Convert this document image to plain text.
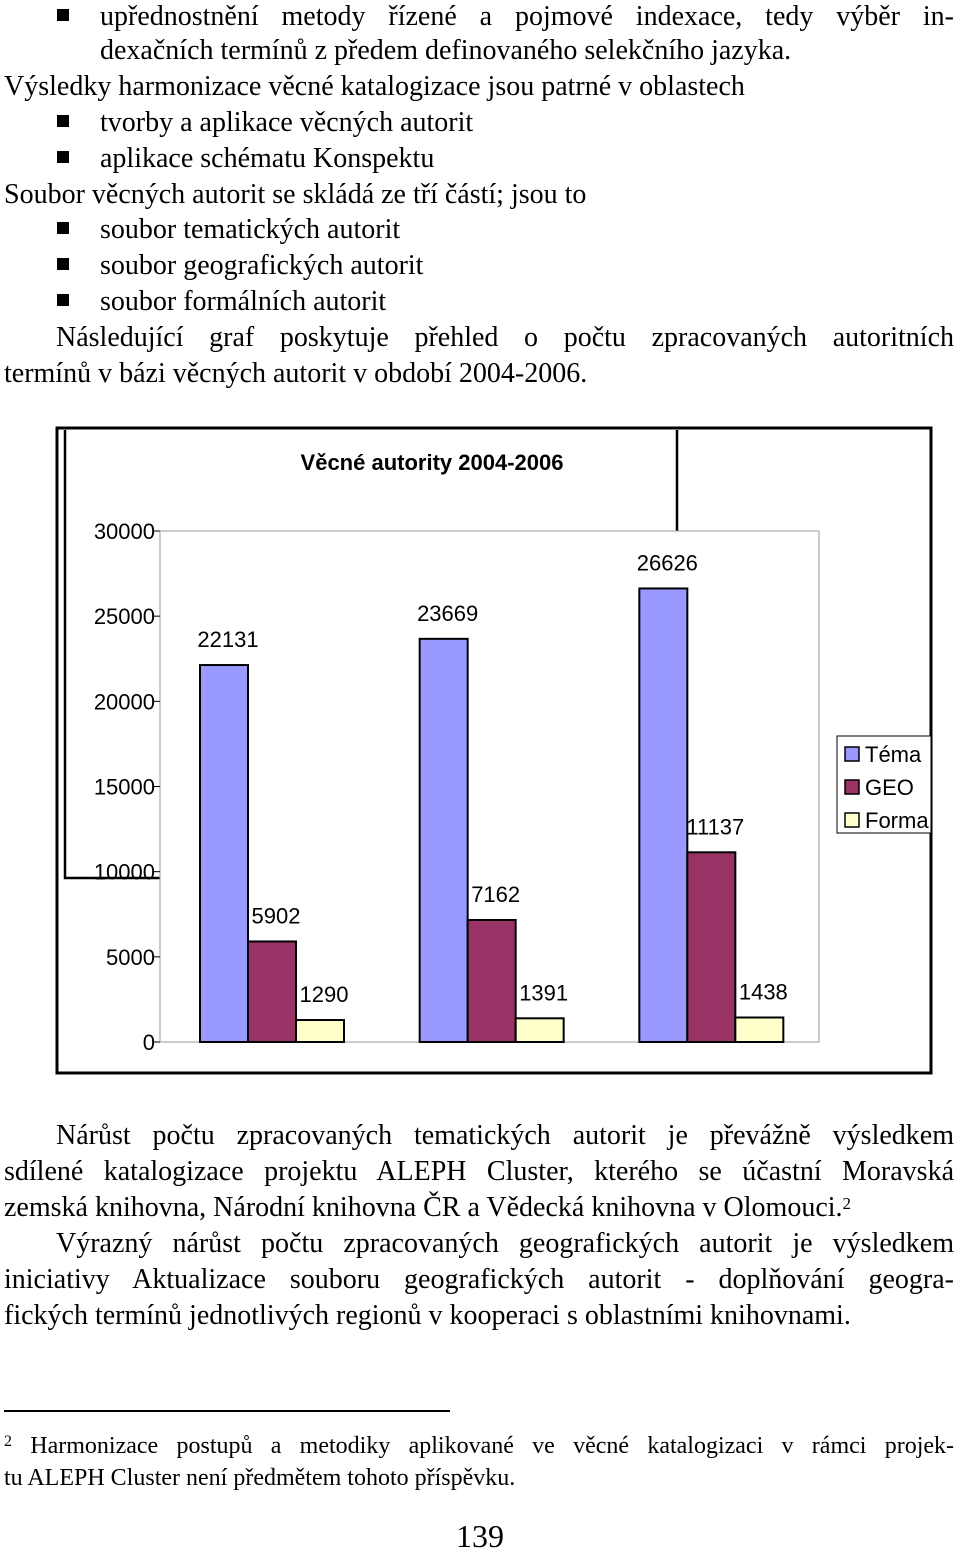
upřednostnění metody řízené a pojmové indexace, tedy výběr in-
dexačních termínů z předem definovaného selekčního jazyka.
Výsledky harmonizace věcné katalogizace jsou patrné v oblastech
tvorby a aplikace věcných autorit
aplikace schématu Konspektu
Soubor věcných autorit se skládá ze tří částí; jsou to
soubor tematických autorit
soubor geografických autorit
soubor formálních autorit
Následující graf poskytuje přehled o počtu zpracovaných autoritních
termínů v bázi věcných autorit v období 2004-2006.
Věcné autority 2004-2006
0
5000
10000
15000
20000
25000
30000
22131
5902
1290
23669
7162
1391
26626
11137
1438
Téma
GEO
Forma
Nárůst počtu zpracovaných tematických autorit je převážně výsledkem
sdílené katalogizace projektu ALEPH Cluster, kterého se účastní Moravská
zemská knihovna, Národní knihovna ČR a Vědecká knihovna v Olomouci.$^2$
Výrazný nárůst počtu zpracovaných geografických autorit je výsledkem
iniciativy Aktualizace souboru geografických autorit - doplňování geogra-
fických termínů jednotlivých regionů v kooperaci s oblastními knihovnami.
$^2$ Harmonizace postupů a metodiky aplikované ve věcné katalogizaci v rámci projek-
tu ALEPH Cluster není předmětem tohoto příspěvku.
139
